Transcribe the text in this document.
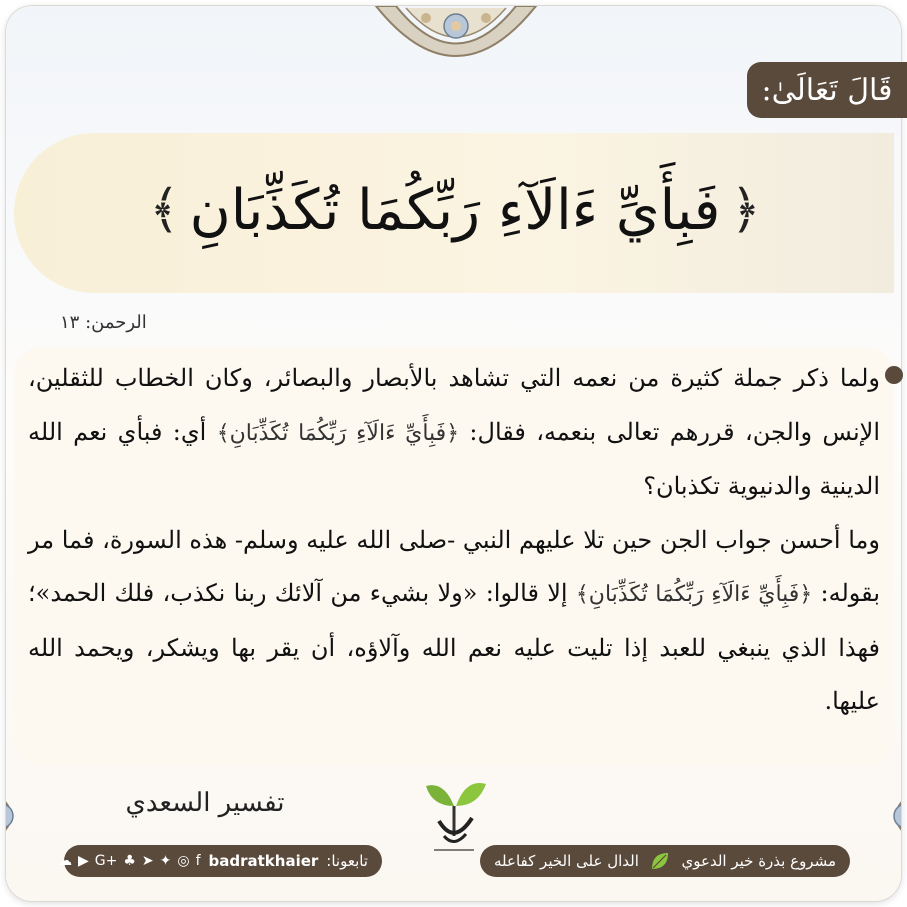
قَالَ تَعَالَىٰ:
﴿
فَبِأَيِّ ءَالَآءِ رَبِّكُمَا تُكَذِّبَانِ
﴾
الرحمن: ١٣

ولما ذكر جملة كثيرة من نعمه التي تشاهد بالأبصار والبصائر، وكان الخطاب للثقلين، الإنس والجن، قررهم تعالى بنعمه، فقال: ﴿فَبِأَيِّ ءَالَآءِ رَبِّكُمَا تُكَذِّبَانِ﴾ أي: فبأي نعم الله الدينية والدنيوية تكذبان؟

وما أحسن جواب الجن حين تلا عليهم النبي -صلى الله عليه وسلم- هذه السورة، فما مر بقوله: ﴿فَبِأَيِّ ءَالَآءِ رَبِّكُمَا تُكَذِّبَانِ﴾ إلا قالوا: «ولا بشيء من آلائك ربنا نكذب، فلك الحمد»؛ فهذا الذي ينبغي للعبد إذا تليت عليه نعم الله وآلاؤه، أن يقر بها ويشكر، ويحمد الله عليها.

تفسير السعدي
تابعونا:
badratkhaier
☁ ▶ G+ ♣ ➤ ✦ ◎ f	مشروع بذرة خير الدعوي
الدال على الخير كفاعله
